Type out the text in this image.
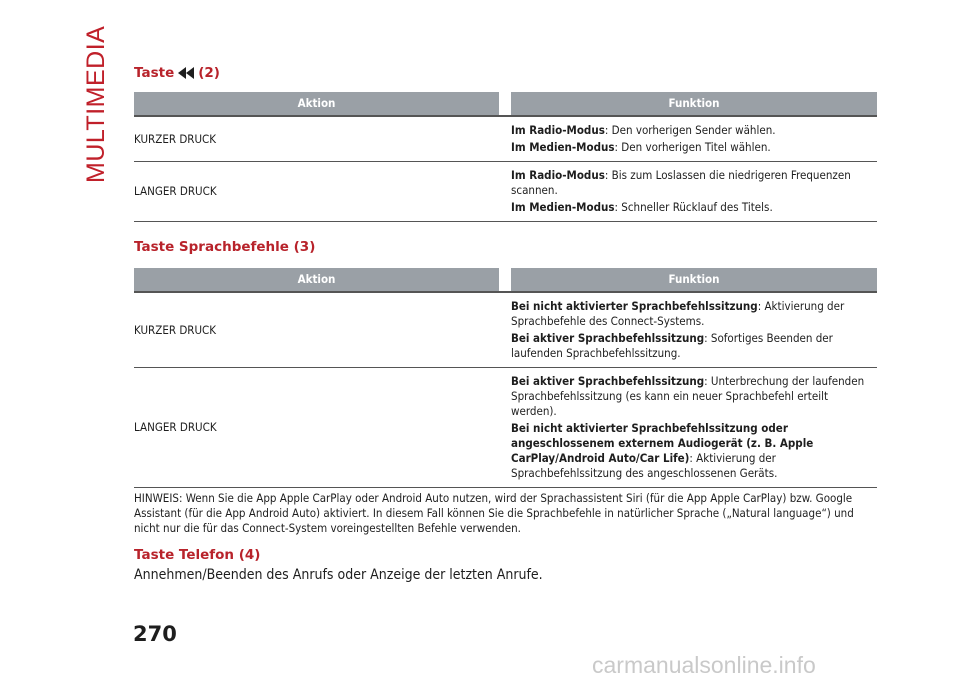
MULTIMEDIA Taste (2)
Aktion		Funktion
KURZER DRUCK		Im Radio-Modus: Den vorherigen Sender wählen.
Im Medien-Modus: Den vorherigen Titel wählen.

LANGER DRUCK		Im Radio-Modus: Bis zum Loslassen die niedrigeren Frequenzen scannen.
Im Medien-Modus: Schneller Rücklauf des Titels.
Taste Sprachbefehle (3)
Aktion		Funktion
KURZER DRUCK		Bei nicht aktivierter Sprachbefehlssitzung: Aktivierung der Sprachbefehle des Connect-Systems.
Bei aktiver Sprachbefehlssitzung: Sofortiges Beenden der laufenden Sprachbefehlssitzung.

LANGER DRUCK		Bei aktiver Sprachbefehlssitzung: Unterbrechung der laufenden Sprachbefehlssitzung (es kann ein neuer Sprachbefehl erteilt werden).
Bei nicht aktivierter Sprachbefehlssitzung oder angeschlossenem externem Audiogerät (z. B. Apple CarPlay/Android Auto/Car Life): Aktivierung der Sprachbefehlssitzung des angeschlossenen Geräts.
HINWEIS: Wenn Sie die App Apple CarPlay oder Android Auto nutzen, wird der Sprachassistent Siri (für die App Apple CarPlay) bzw. Google Assistant (für die App Android Auto) aktiviert. In diesem Fall können Sie die Sprachbefehle in natürlicher Sprache („Natural language“) und nicht nur die für das Connect-System voreingestellten Befehle verwenden.
Taste Telefon (4)
Annehmen/Beenden des Anrufs oder Anzeige der letzten Anrufe.
270
carmanualsonline.info
